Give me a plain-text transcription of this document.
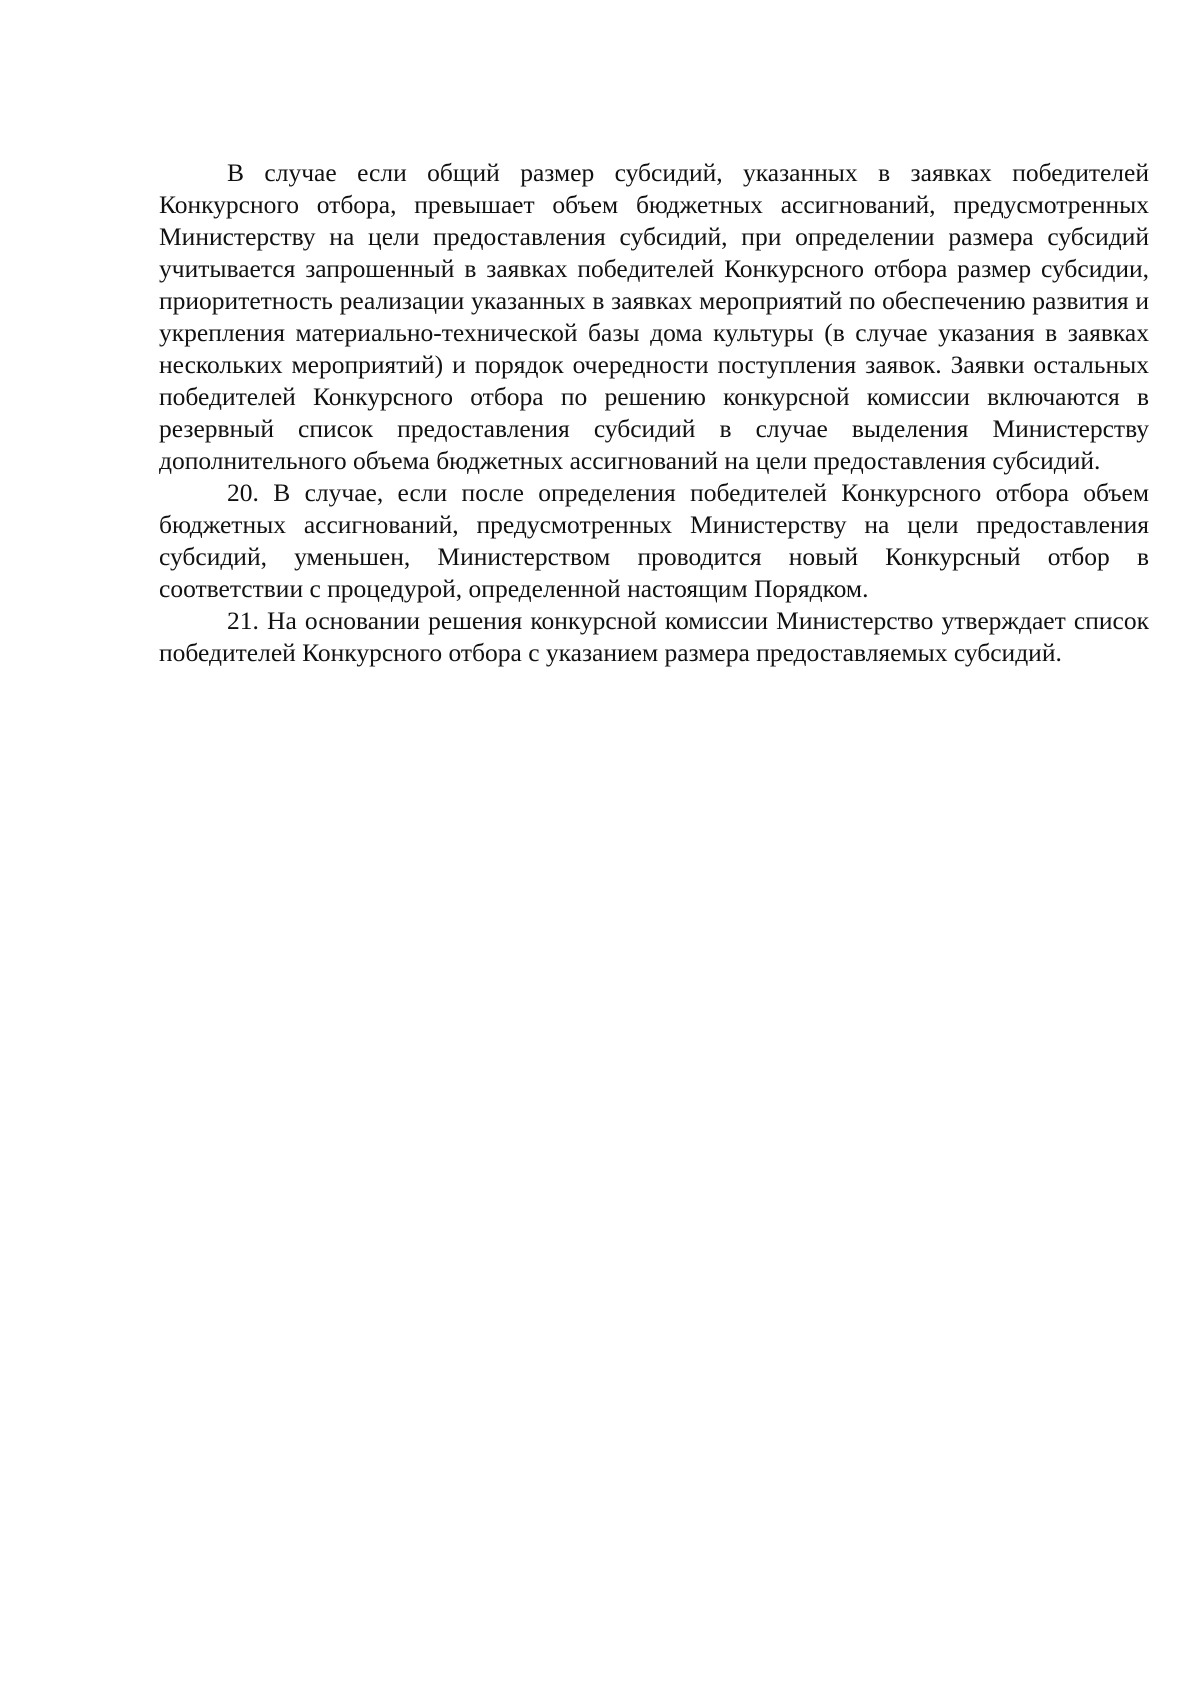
В случае если общий размер субсидий, указанных в заявках победителей Конкурсного отбора, превышает объем бюджетных ассигнований, предусмотренных Министерству на цели предоставления субсидий, при определении размера субсидий учитывается запрошенный в заявках победителей Конкурсного отбора размер субсидии, приоритетность реализации указанных в заявках мероприятий по обеспечению развития и укрепления материально-технической базы дома культуры (в случае указания в заявках нескольких мероприятий) и порядок очередности поступления заявок. Заявки остальных победителей Конкурсного отбора по решению конкурсной комиссии включаются в резервный список предоставления субсидий в случае выделения Министерству дополнительного объема бюджетных ассигнований на цели предоставления субсидий.

20. В случае, если после определения победителей Конкурсного отбора объем бюджетных ассигнований, предусмотренных Министерству на цели предоставления субсидий, уменьшен, Министерством проводится новый Конкурсный отбор в соответствии с процедурой, определенной настоящим Порядком.

21. На основании решения конкурсной комиссии Министерство утверждает список победителей Конкурсного отбора с указанием размера предоставляемых субсидий.
